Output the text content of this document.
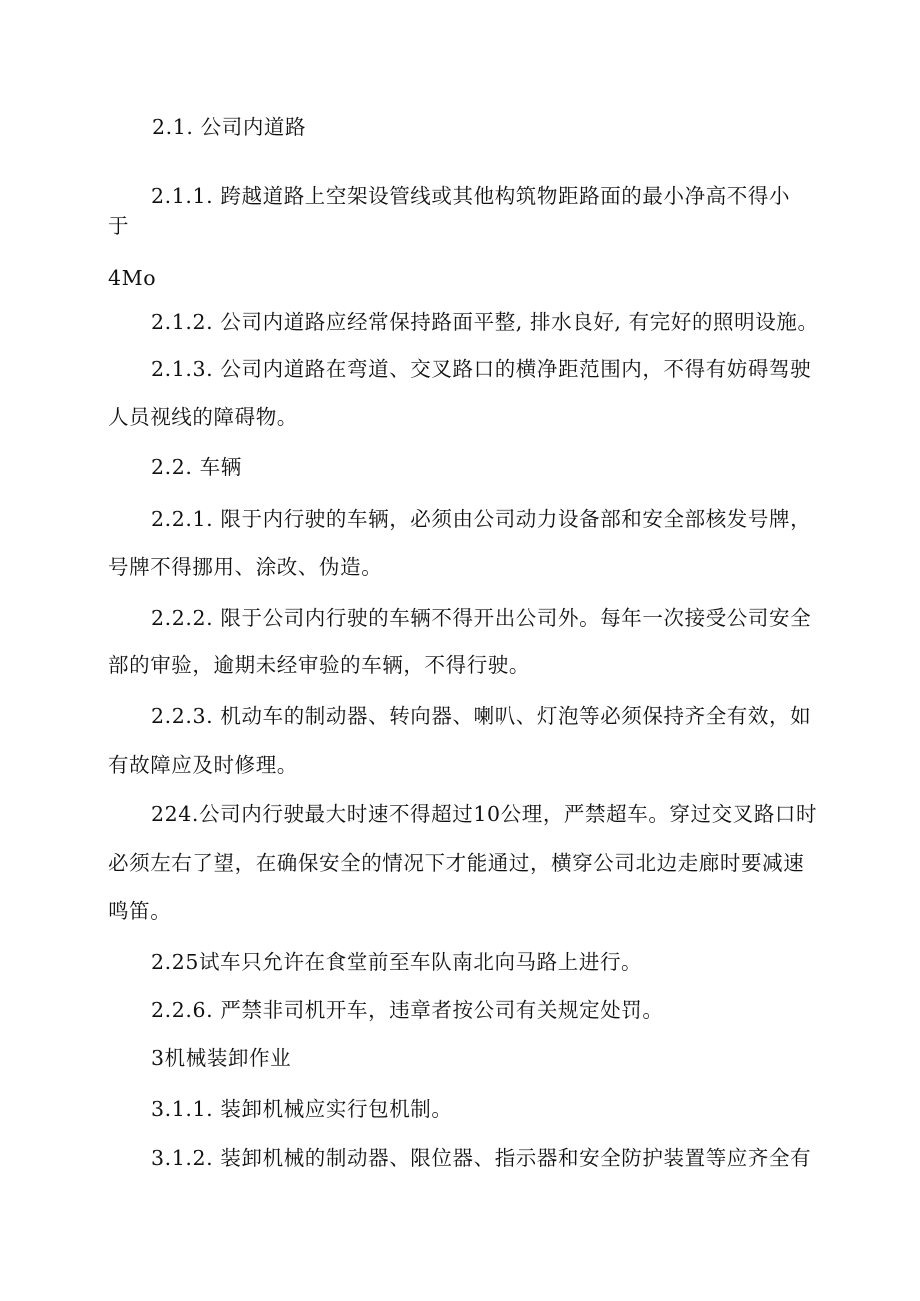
2.1. 公司内道路

2.1.1. 跨越道路上空架设管线或其他构筑物距路面的最小净高不得小

于

4Mo

2.1.2. 公司内道路应经常保持路面平整, 排水良好, 有完好的照明设施。

2.1.3. 公司内道路在弯道、交叉路口的横净距范围内，不得有妨碍驾驶

人员视线的障碍物。

2.2. 车辆

2.2.1. 限于内行驶的车辆，必须由公司动力设备部和安全部核发号牌，

号牌不得挪用、涂改、伪造。

2.2.2. 限于公司内行驶的车辆不得开出公司外。每年一次接受公司安全

部的审验，逾期未经审验的车辆，不得行驶。

2.2.3. 机动车的制动器、转向器、喇叭、灯泡等必须保持齐全有效，如

有故障应及时修理。

224.公司内行驶最大时速不得超过10公理，严禁超车。穿过交叉路口时

必须左右了望，在确保安全的情况下才能通过，横穿公司北边走廊时要减速

鸣笛。

2.25试车只允许在食堂前至车队南北向马路上进行。

2.2.6. 严禁非司机开车，违章者按公司有关规定处罚。

3机械装卸作业

3.1.1. 装卸机械应实行包机制。

3.1.2. 装卸机械的制动器、限位器、指示器和安全防护装置等应齐全有
